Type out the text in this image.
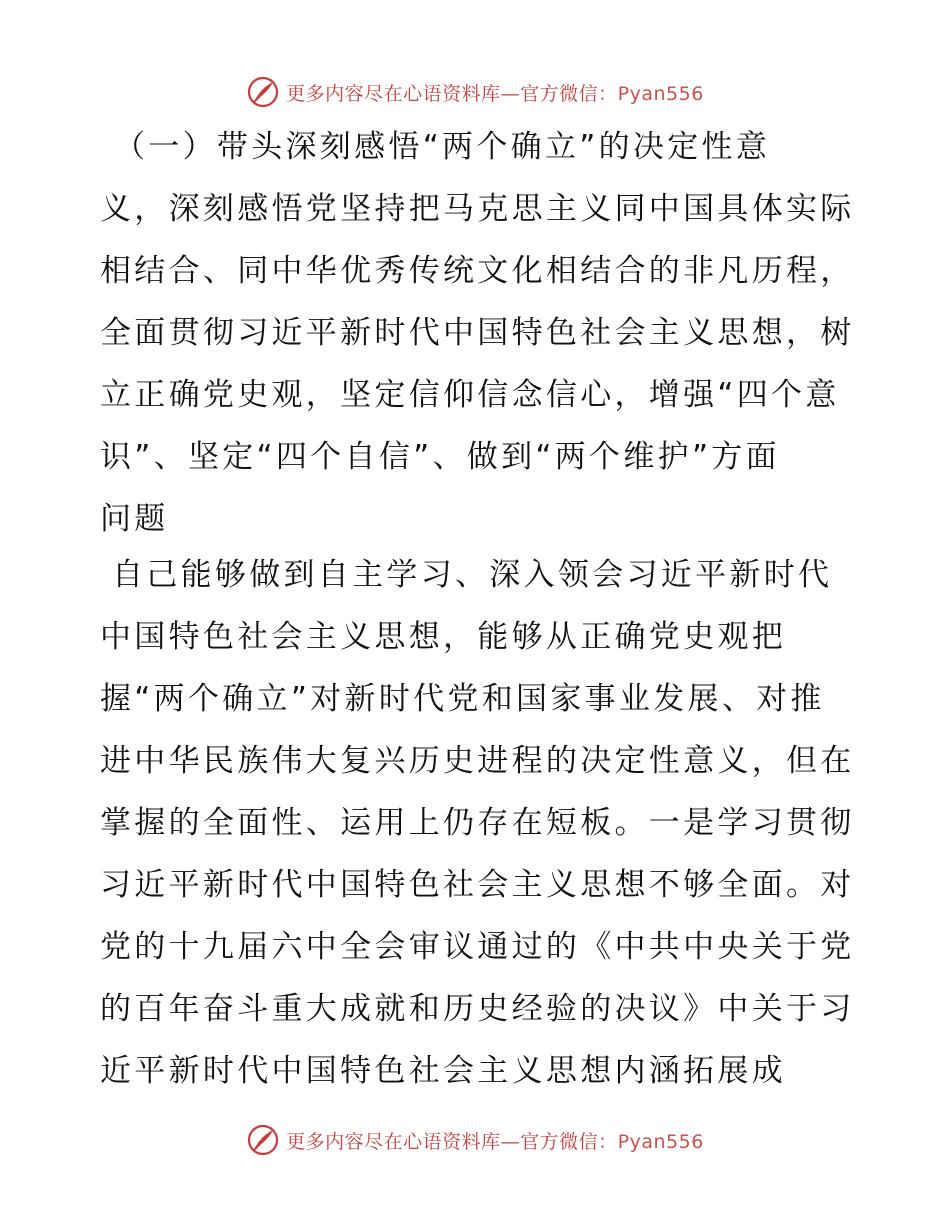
更多内容尽在心语资料库—官方微信：Pyan556
（一）带头深刻感悟“两个确立”的决定性意
义，深刻感悟党坚持把马克思主义同中国具体实际
相结合、同中华优秀传统文化相结合的非凡历程，
全面贯彻习近平新时代中国特色社会主义思想，树
立正确党史观，坚定信仰信念信心，增强“四个意
识”、坚定“四个自信”、做到“两个维护”方面
问题
自己能够做到自主学习、深入领会习近平新时代
中国特色社会主义思想，能够从正确党史观把
握“两个确立”对新时代党和国家事业发展、对推
进中华民族伟大复兴历史进程的决定性意义，但在
掌握的全面性、运用上仍存在短板。一是学习贯彻
习近平新时代中国特色社会主义思想不够全面。对
党的十九届六中全会审议通过的《中共中央关于党
的百年奋斗重大成就和历史经验的决议》中关于习
近平新时代中国特色社会主义思想内涵拓展成
更多内容尽在心语资料库—官方微信：Pyan556
